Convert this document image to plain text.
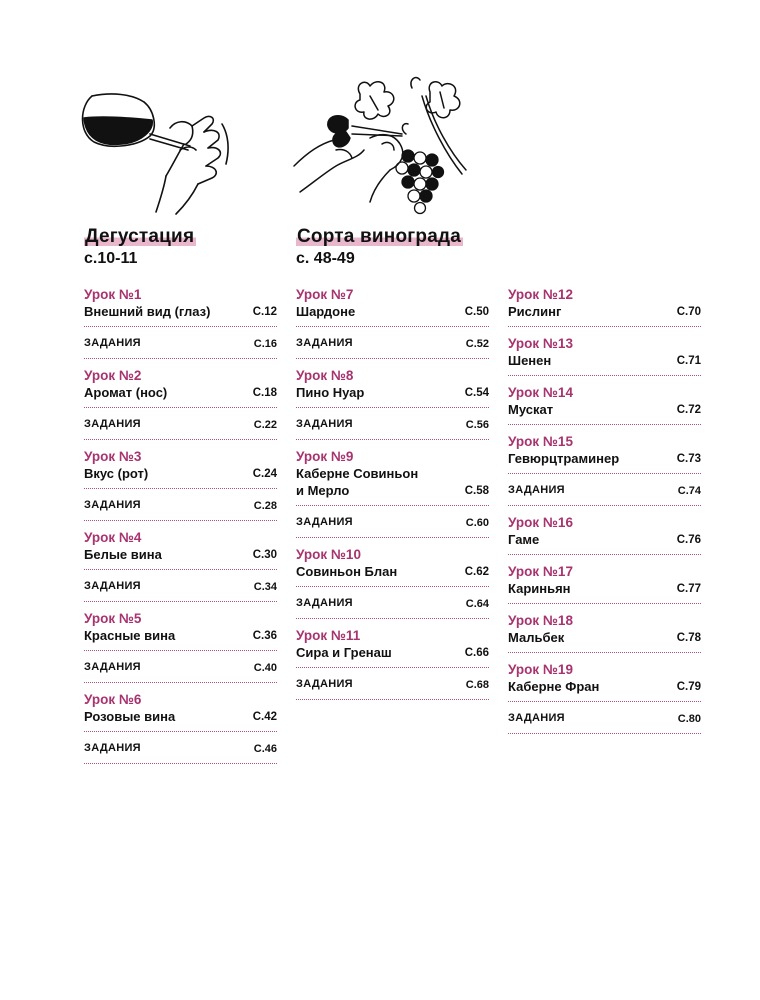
Дегустация
с.10-11
Сорта винограда
с. 48-49
Урок №1
Внешний вид (глаз)	С.12
ЗАДАНИЯ	С.16
Урок №2
Аромат (нос)	С.18
ЗАДАНИЯ	С.22
Урок №3
Вкус (рот)	С.24
ЗАДАНИЯ	С.28
Урок №4
Белые вина	С.30
ЗАДАНИЯ	С.34
Урок №5
Красные вина	С.36
ЗАДАНИЯ	С.40
Урок №6
Розовые вина	С.42
ЗАДАНИЯ	С.46
Урок №7
Шардоне	С.50
ЗАДАНИЯ	С.52
Урок №8
Пино Нуар	С.54
ЗАДАНИЯ	С.56
Урок №9
Каберне Совиньон
и Мерло	С.58
ЗАДАНИЯ	С.60
Урок №10
Совиньон Блан	С.62
ЗАДАНИЯ	С.64
Урок №11
Сира и Гренаш	С.66
ЗАДАНИЯ	С.68
Урок №12
Рислинг	С.70
Урок №13
Шенен	С.71
Урок №14
Мускат	С.72
Урок №15
Гевюрцтраминер	С.73
ЗАДАНИЯ	С.74
Урок №16
Гаме	С.76
Урок №17
Кариньян	С.77
Урок №18
Мальбек	С.78
Урок №19
Каберне Фран	С.79
ЗАДАНИЯ	С.80
